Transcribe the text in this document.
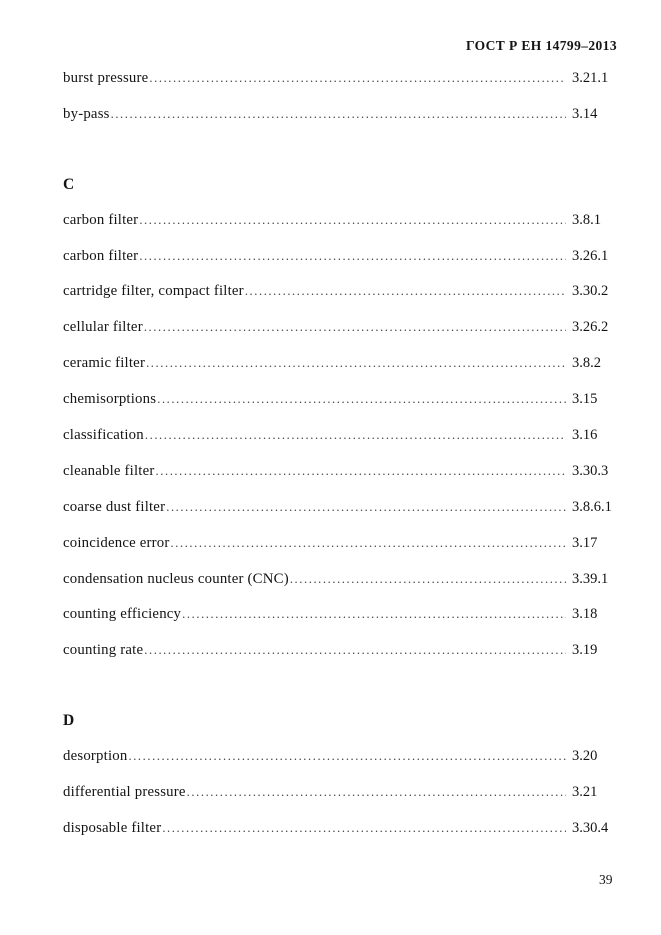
ГОСТ Р ЕН 14799–2013
burst pressure .....	3.21.1
by-pass .....	3.14
C
carbon filter .....	3.8.1
carbon filter .....	3.26.1
cartridge filter, compact filter .....	3.30.2
cellular filter .....	3.26.2
ceramic filter .....	3.8.2
chemisorptions .....	3.15
classification .....	3.16
cleanable filter .....	3.30.3
coarse dust filter .....	3.8.6.1
coincidence error .....	3.17
condensation nucleus counter (CNC) .....	3.39.1
counting efficiency .....	3.18
counting rate .....	3.19
D
desorption .....	3.20
differential pressure .....	3.21
disposable filter .....	3.30.4
39
